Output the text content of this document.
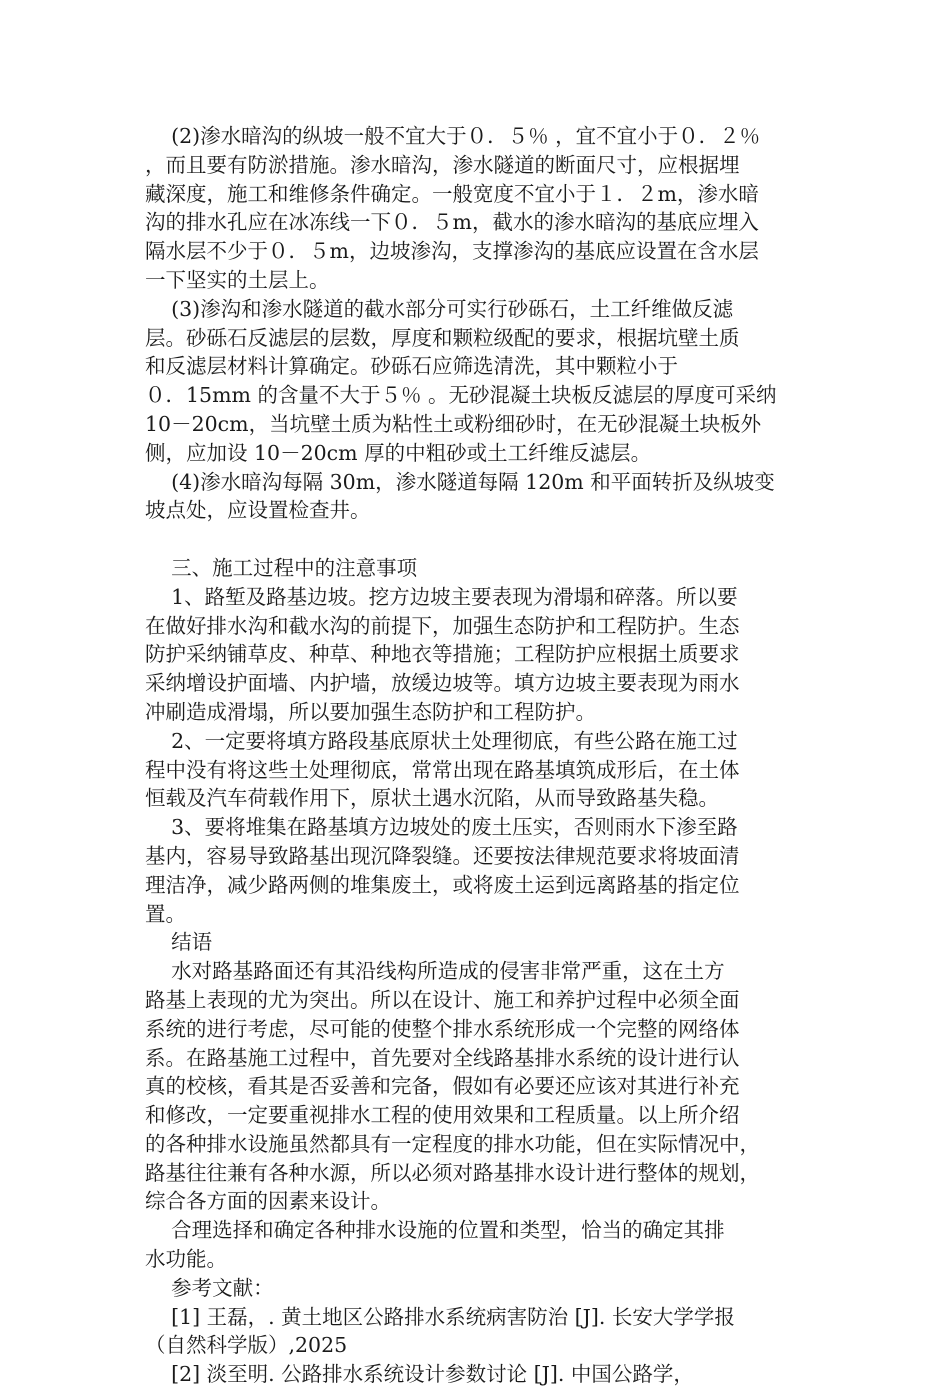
(2)渗水暗沟的纵坡一般不宜大于０．５％ ，宜不宜小于０．２％
，而且要有防淤措施。渗水暗沟，渗水隧道的断面尺寸，应根据埋
藏深度，施工和维修条件确定。一般宽度不宜小于１．２m，渗水暗
沟的排水孔应在冰冻线一下０．５m，截水的渗水暗沟的基底应埋入
隔水层不少于０．５m，边坡渗沟，支撑渗沟的基底应设置在含水层
一下坚实的土层上。
(3)渗沟和渗水隧道的截水部分可实行砂砾石，土工纤维做反滤
层。砂砾石反滤层的层数，厚度和颗粒级配的要求，根据坑壁土质
和反滤层材料计算确定。砂砾石应筛选清洗，其中颗粒小于
０．15mm 的含量不大于５％ 。无砂混凝土块板反滤层的厚度可采纳
10－20cm，当坑壁土质为粘性土或粉细砂时，在无砂混凝土块板外
侧，应加设 10－20cm 厚的中粗砂或土工纤维反滤层。
(4)渗水暗沟每隔 30m，渗水隧道每隔 120m 和平面转折及纵坡变
坡点处，应设置检查井。
三、施工过程中的注意事项
1、路堑及路基边坡。挖方边坡主要表现为滑塌和碎落。所以要
在做好排水沟和截水沟的前提下，加强生态防护和工程防护。生态
防护采纳铺草皮、种草、种地衣等措施；工程防护应根据土质要求
采纳增设护面墙、内护墙，放缓边坡等。填方边坡主要表现为雨水
冲刷造成滑塌，所以要加强生态防护和工程防护。
2、一定要将填方路段基底原状土处理彻底，有些公路在施工过
程中没有将这些土处理彻底，常常出现在路基填筑成形后，在土体
恒载及汽车荷载作用下，原状土遇水沉陷，从而导致路基失稳。
3、要将堆集在路基填方边坡处的废土压实，否则雨水下渗至路
基内，容易导致路基出现沉降裂缝。还要按法律规范要求将坡面清
理洁净，减少路两侧的堆集废土，或将废土运到远离路基的指定位
置。
结语
水对路基路面还有其沿线构所造成的侵害非常严重，这在土方
路基上表现的尤为突出。所以在设计、施工和养护过程中必须全面
系统的进行考虑，尽可能的使整个排水系统形成一个完整的网络体
系。在路基施工过程中，首先要对全线路基排水系统的设计进行认
真的校核，看其是否妥善和完备，假如有必要还应该对其进行补充
和修改，一定要重视排水工程的使用效果和工程质量。以上所介绍
的各种排水设施虽然都具有一定程度的排水功能，但在实际情况中，
路基往往兼有各种水源，所以必须对路基排水设计进行整体的规划，
综合各方面的因素来设计。
合理选择和确定各种排水设施的位置和类型，恰当的确定其排
水功能。
参考文献：
[1] 王磊，. 黄土地区公路排水系统病害防治 [J]. 长安大学学报
（自然科学版）,2025
[2] 淡至明. 公路排水系统设计参数讨论 [J]. 中国公路学，
